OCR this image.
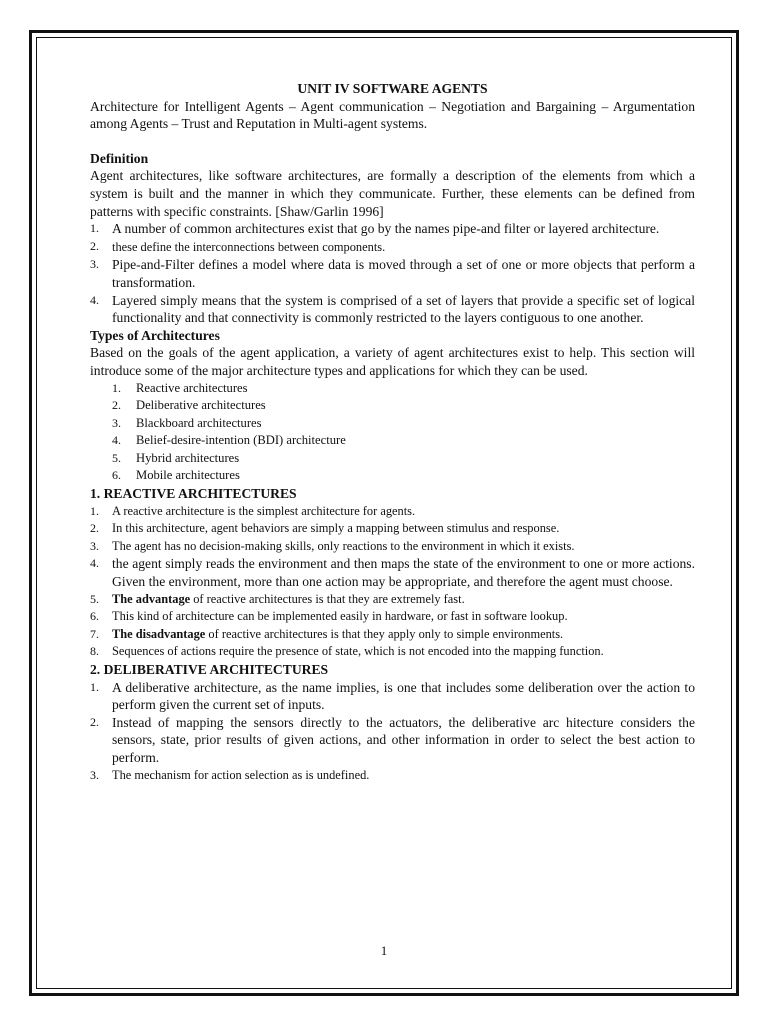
UNIT IV SOFTWARE AGENTS

Architecture for Intelligent Agents – Agent communication – Negotiation and Bargaining – Argumentation among Agents – Trust and Reputation in Multi-agent systems.

Definition

Agent architectures, like software architectures, are formally a description of the elements from which a system is built and the manner in which they communicate. Further, these elements can be defined from patterns with specific constraints. [Shaw/Garlin 1996]

1. A number of common architectures exist that go by the names pipe-and filter or layered architecture.
2. these define the interconnections between components.
3. Pipe-and-Filter defines a model where data is moved through a set of one or more objects that perform a transformation.
4. Layered simply means that the system is comprised of a set of layers that provide a specific set of logical functionality and that connectivity is commonly restricted to the layers contiguous to one another.

Types of Architectures

Based on the goals of the agent application, a variety of agent architectures exist to help. This section will introduce some of the major architecture types and applications for which they can be used.

1. Reactive architectures
2. Deliberative architectures
3. Blackboard architectures
4. Belief-desire-intention (BDI) architecture
5. Hybrid architectures
6. Mobile architectures

1. REACTIVE ARCHITECTURES

1. A reactive architecture is the simplest architecture for agents.
2. In this architecture, agent behaviors are simply a mapping between stimulus and response.
3. The agent has no decision-making skills, only reactions to the environment in which it exists.
4. the agent simply reads the environment and then maps the state of the environment to one or more actions. Given the environment, more than one action may be appropriate, and therefore the agent must choose.
5. The advantage of reactive architectures is that they are extremely fast.
6. This kind of architecture can be implemented easily in hardware, or fast in software lookup.
7. The disadvantage of reactive architectures is that they apply only to simple environments.
8. Sequences of actions require the presence of state, which is not encoded into the mapping function.

2. DELIBERATIVE ARCHITECTURES

1. A deliberative architecture, as the name implies, is one that includes some deliberation over the action to perform given the current set of inputs.
2. Instead of mapping the sensors directly to the actuators, the deliberative arc hitecture considers the sensors, state, prior results of given actions, and other information in order to select the best action to perform.
3. The mechanism for action selection as is undefined.
1
